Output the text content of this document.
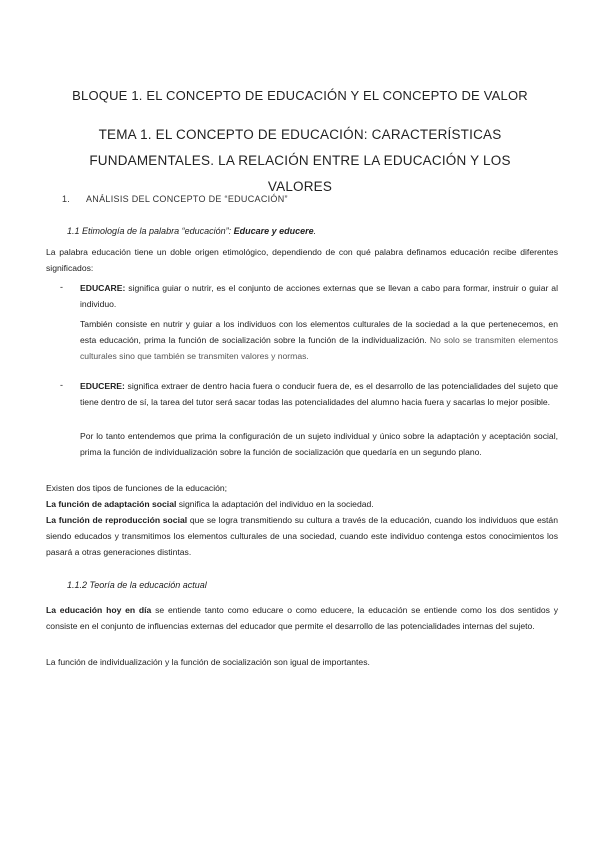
BLOQUE 1. EL CONCEPTO DE EDUCACIÓN Y EL CONCEPTO DE VALOR
TEMA 1. EL CONCEPTO DE EDUCACIÓN: CARACTERÍSTICAS FUNDAMENTALES. LA RELACIÓN ENTRE LA EDUCACIÓN Y LOS
VALORES
1. ANÁLISIS DEL CONCEPTO DE “EDUCACIÓN”
1.1 Etimología de la palabra “educación”: Educare y educere.
La palabra educación tiene un doble origen etimológico, dependiendo de con qué palabra definamos educación recibe diferentes significados:
- EDUCARE: significa guiar o nutrir, es el conjunto de acciones externas que se llevan a cabo para formar, instruir o guiar al individuo.
También consiste en nutrir y guiar a los individuos con los elementos culturales de la sociedad a la que pertenecemos, en esta educación, prima la función de socialización sobre la función de la individualización. No solo se transmiten elementos culturales sino que también se transmiten valores y normas.
- EDUCERE: significa extraer de dentro hacia fuera o conducir fuera de, es el desarrollo de las potencialidades del sujeto que tiene dentro de sí, la tarea del tutor será sacar todas las potencialidades del alumno hacia fuera y sacarlas lo mejor posible.
Por lo tanto entendemos que prima la configuración de un sujeto individual y único sobre la adaptación y aceptación social, prima la función de individualización sobre la función de socialización que quedaría en un segundo plano.
Existen dos tipos de funciones de la educación;
La función de adaptación social significa la adaptación del individuo en la sociedad.
La función de reproducción social que se logra transmitiendo su cultura a través de la educación, cuando los individuos que están siendo educados y transmitimos los elementos culturales de una sociedad, cuando este individuo contenga estos conocimientos los pasará a otras generaciones distintas.
1.1.2 Teoría de la educación actual
La educación hoy en día se entiende tanto como educare o como educere, la educación se entiende como los dos sentidos y consiste en el conjunto de influencias externas del educador que permite el desarrollo de las potencialidades internas del sujeto.
La función de individualización y la función de socialización son igual de importantes.
